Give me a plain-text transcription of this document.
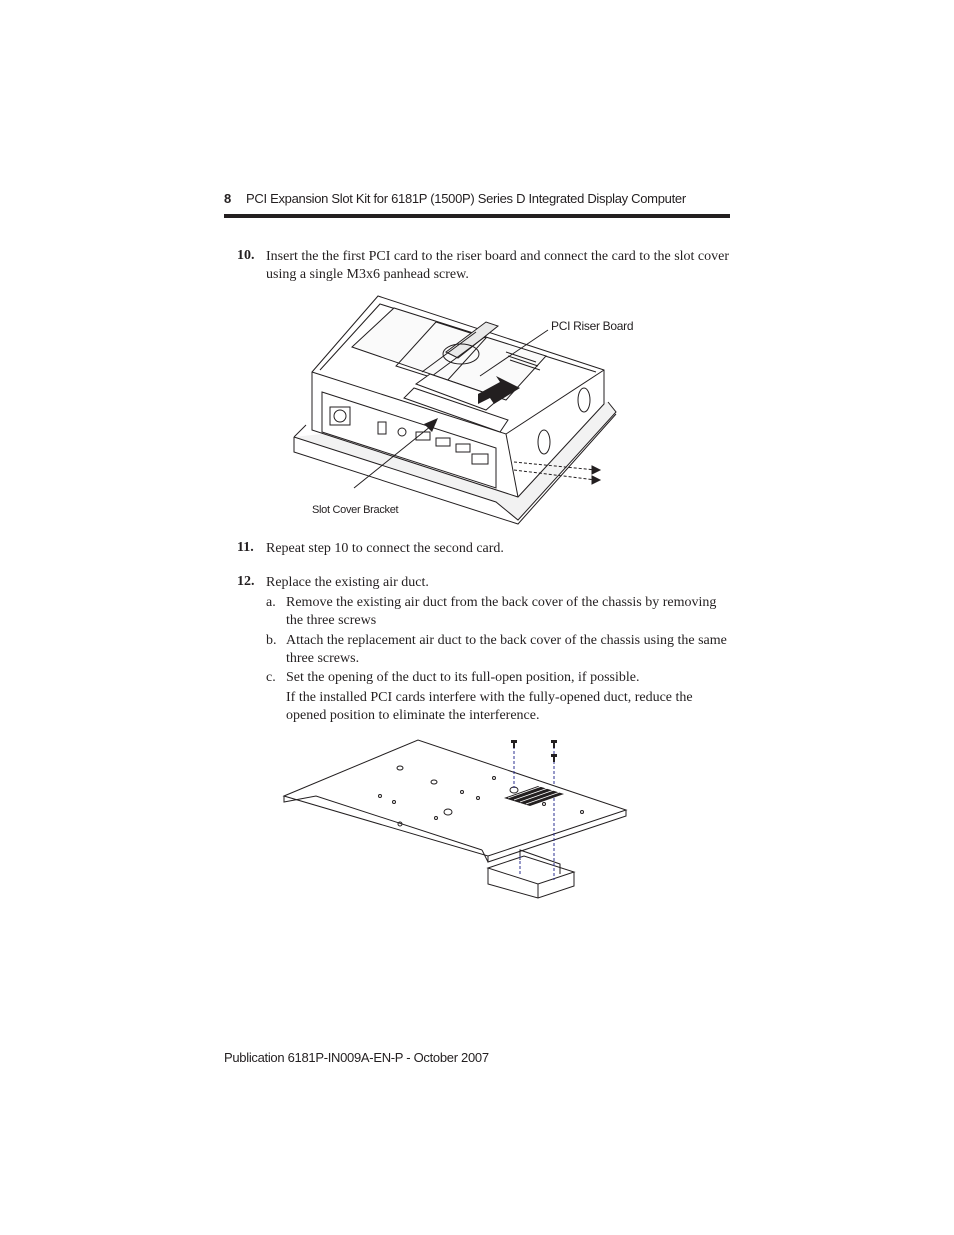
8 PCI Expansion Slot Kit for 6181P (1500P) Series D Integrated Display Computer
10. Insert the the first PCI card to the riser board and connect the card to the slot cover using a single M3x6 panhead screw.
PCI Riser Board
Slot Cover Bracket
11. Repeat step 10 to connect the second card.
12. Replace the existing air duct.
a. Remove the existing air duct from the back cover of the chassis by removing the three screws
b. Attach the replacement air duct to the back cover of the chassis using the same three screws.
c. Set the opening of the duct to its full-open position, if possible.
If the installed PCI cards interfere with the fully-opened duct, reduce the opened position to eliminate the interference.
Publication 6181P-IN009A-EN-P - October 2007
